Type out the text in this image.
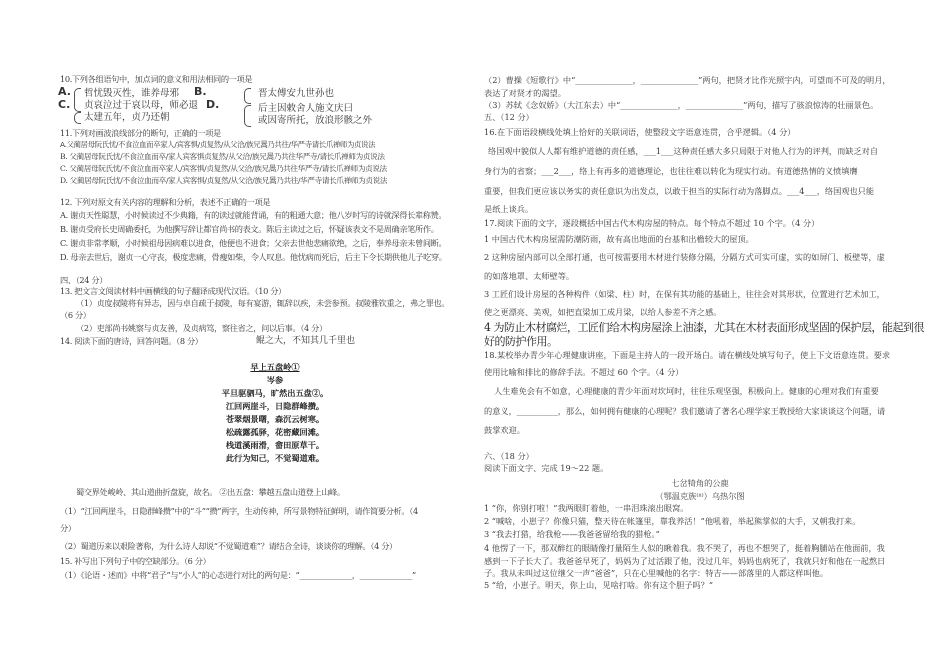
10.下列各组语句中，加点词的意义和用法相同的一项是
A. 哲忧毁灭性，谁养母邪 B.
C. 贞哀泣过于哀以母，师必退 D.
太建五年，贞乃还朝
晋太傅安九世孙也
后主因敕舍人施文庆曰
或因寄所托，放浪形骸之外
11.下列对画波浪线部分的断句，正确的一项是
A.父蔺居母阮氏忧/不食泣血而卒家人/宾客惧/贞复然/从父洽/族兄暠乃共往/华严寺请长爪禅师为贞说法
B. 父蔺居母阮氏忧/不食泣血而卒/家人宾客惧贞复然/从父洽/族兄暠乃共往华严寺/请长爪禅师为贞说法
C. 父蔺居母阮氏忧/不食泣血而卒家人/宾客惧/贞复然/从父洽/族兄暠乃共往华严寺/请长爪禅师为贞说法
D. 父蔺居母阮氏忧/不食泣血而卒/家人宾客惧/贞复然/从父洽/族兄暠乃共往/华严寺请长爪禅师为贞说法
12. 下列对原文有关内容的理解和分析，表述不正确的一项是
A. 谢贞天性聪慧，小时候读过不少典籍，有的读过就能背诵，有的粗通大意；他八岁时写的诗就深得长辈称赞。
B. 谢贞受府长史周确委托，为他撰写辞让都官尚书的表文。陈后主读过之后，怀疑该表文不是周确亲笔所作。
C. 谢贞非常孝顺，小时候祖母因病难以进食，他便也不进食；父亲去世他悲痛欲绝，之后，奉养母亲未曾间断。
D. 母亲去世后，谢贞一心守丧，极度悲痛，骨瘦如柴，令人叹息。他忧病而死后，后主下令长期供他儿子吃穿。
四、（24 分）
13. 把文言文阅读材料中画横线的句子翻译成现代汉语。（10 分）
（1）贞度叔陵将有异志，因与卓自疏于叔陵，每有宴游，辄辞以疾，未尝参预。叔陵雅钦重之，弗之罪也。
（6 分）
（2）吏部尚书姚察与贞友善，及贞病笃，察往省之，问以后事。（4 分）
14. 阅读下面的唐诗，回答问题。（8 分）	鲲之大，不知其几千里也
早上五盘岭①
岑参
平旦驱驷马，旷然出五盘②。
江回两崖斗，日隐群峰攒。
苍翠烟景曙，森沉云树寒。
松疏露孤驿，花密藏回滩。
栈道溪雨滑，畬田原草干。
此行为知己，不觉蜀道难。
蜀交界处峻岭、其山道曲折盘旋，故名。 ②出五盘：攀越五盘山道登上山峰。
（1）“江回两崖斗，日隐群峰攒”中的“斗”“攒”两字，生动传神，所写景物特征鲜明，请作简要分析。（4
分）
（2）蜀道历来以艰险著称，为什么诗人却说“不觉蜀道难”？请结合全诗，谈谈你的理解。（4 分）
15. 补写出下列句子中的空缺部分。（6 分）
（1）《论语・述而》中将“君子”与“小人”的心态进行对比的两句是：“______________，______________”
（2）曹操《短歌行》中“______________，______________”两句，把贤才比作光照宇内，可望而不可及的明月，
表达了对贤才的渴望。
（3）苏轼《念奴娇》（大江东去）中“______________，______________”两句，描写了骇浪惊涛的壮丽景色。
五、（12 分）
16.在下面语段横线处填上恰好的关联词语，使整段文字语意连贯，合乎逻辑。（4 分）
络国观中貌似人人都有维护道德的责任感，___1___这种责任感大多只局限于对他人行为的评判，而缺乏对自
身行为的省察；___2___，络上有再多的道德理论，也往往难以转化为现实行动。有道德热情的义愤填膺
重要，但我们更应该以务实的责任意识为出发点，以敢于担当的实际行动为落脚点。___4___，络国观也只能
是纸上谈兵。
17.阅读下面的文字，逐段概括中国古代木构房屋的特点。每个特点不超过 10 个字。（4 分）
1 中国古代木构房屋需防潮防雨，故有高出地面的台基和出檐较大的屋顶。
2 这种房屋内部可以全部打通，也可按需要用木材进行装修分隔，分隔方式可实可虚，实的如屏门、板壁等，虚
的如落地罩、太师壁等。
3 工匠们设计房屋的各种构件（如梁、柱）时，在保有其功能的基础上，往往会对其形状，位置进行艺术加工，
使之更漂亮、美观，如把直梁加工成月梁，以给人参差不齐之感。
4 为防止木材腐烂，工匠们给木构房屋涂上油漆，尤其在木材表面形成坚固的保护层，能起到很
好的防护作用。
18.某校举办青少年心理健康讲座，下面是主持人的一段开场白。请在横线处填写句子，使上下文语意连贯。要求
使用比喻和排比的修辞手法。不超过 60 个字。（4 分）
人生难免会有不如意，心理健康的青少年面对坎坷时，往往乐观坚强，积极向上。健康的心理对我们有重要
的意义，__________，那么，如何拥有健康的心理呢？我们邀请了著名心理学家王教授给大家谈谈这个问题，请
鼓掌欢迎。
六、（18 分）
阅读下面文字、完成 19～22 题。
七岔犄角的公鹿
（鄂温克族⁽ⁱⁱ⁾）乌热尔图
1 “你，你别打啦！”我两眼盯着他，一串泪珠滚出眼窝。
2 “喊啥，小崽子？你像只猫，整天待在帐篷里，靠我养活！”他吼着，举起熊掌似的大手，又朝我打来。
3 “我去打猎，给我枪——我爸爸留给我的猎枪。”
4 他愣了一下，那双醉红的眼睛像打量陌生人似的瞅着我。我不哭了，再也不想哭了，挺着胸脯站在他面前，我
感到一下子长大了。我爸爸早死了，妈妈为了过活跟了他，没过几年，妈妈也病死了，我就只好和他在一起熬日
子。我从未叫过这位继父一声“爸爸”，只在心里喊他的名字：特吉——部落里的人都这样叫他。
5 “给，小崽子。明天，你上山，见啥打啥。你有这个胆子吗？”
